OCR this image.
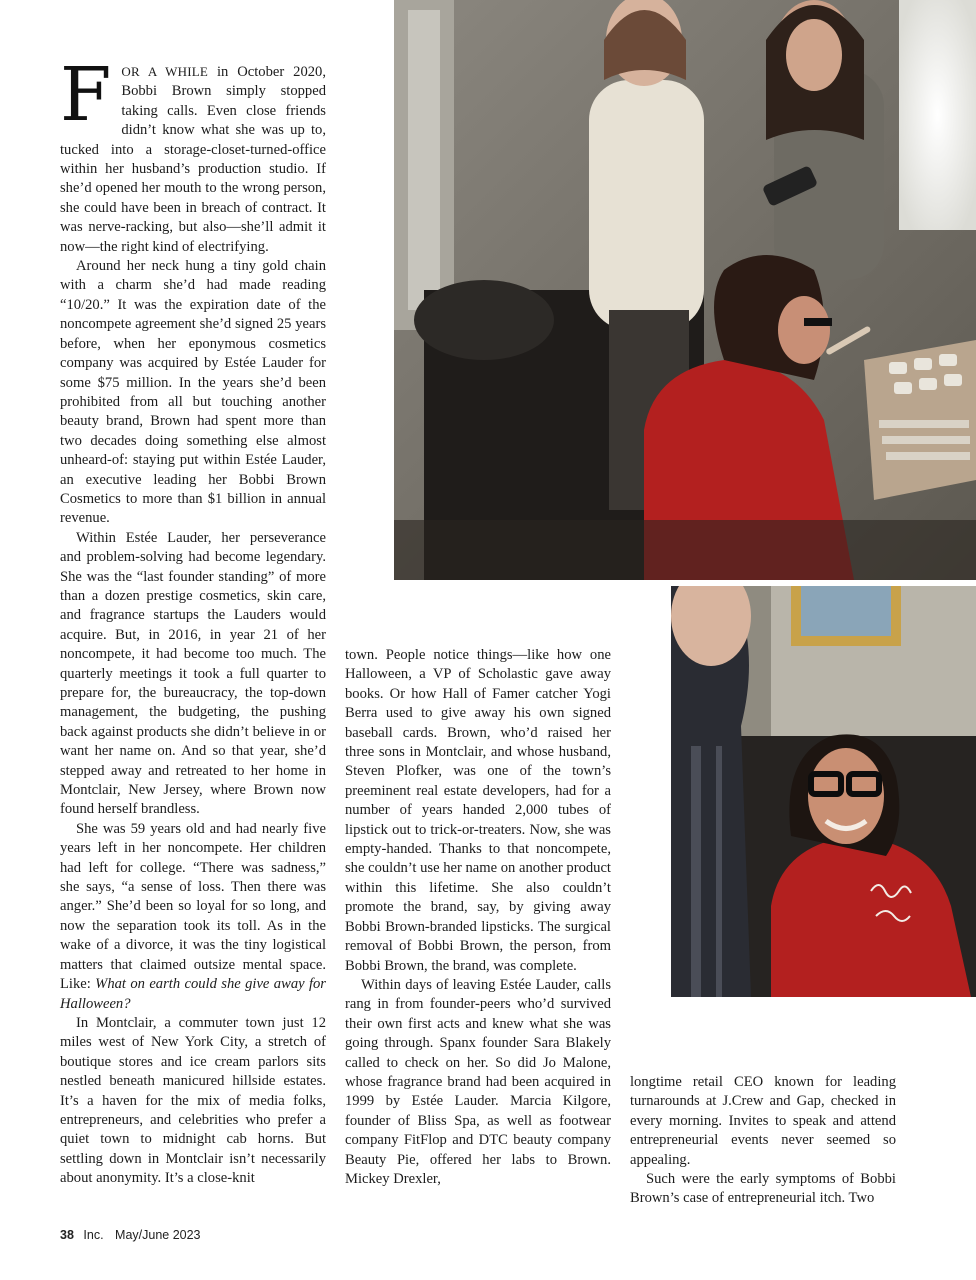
FOR A WHILE in October 2020, Bobbi Brown simply stopped taking calls. Even close friends didn’t know what she was up to, tucked into a storage-closet-turned-office within her husband’s production studio. If she’d opened her mouth to the wrong person, she could have been in breach of contract. It was nerve-racking, but also—she’ll admit it now—the right kind of electrifying.

Around her neck hung a tiny gold chain with a charm she’d had made reading “10/20.” It was the expiration date of the noncompete agreement she’d signed 25 years before, when her eponymous cosmetics company was acquired by Estée Lauder for some $75 million. In the years she’d been prohibited from all but touching another beauty brand, Brown had spent more than two decades doing something else almost unheard-of: staying put within Estée Lauder, an executive leading her Bobbi Brown Cosmetics to more than $1 billion in annual revenue.

Within Estée Lauder, her perseverance and problem-solving had become legendary. She was the “last founder standing” of more than a dozen prestige cosmetics, skin care, and fragrance startups the Lauders would acquire. But, in 2016, in year 21 of her noncompete, it had become too much. The quarterly meetings it took a full quarter to prepare for, the bureaucracy, the top-down management, the budgeting, the pushing back against products she didn’t believe in or want her name on. And so that year, she’d stepped away and retreated to her home in Montclair, New Jersey, where Brown now found herself brandless.

She was 59 years old and had nearly five years left in her noncompete. Her children had left for college. “There was sadness,” she says, “a sense of loss. Then there was anger.” She’d been so loyal for so long, and now the separation took its toll. As in the wake of a divorce, it was the tiny logistical matters that claimed outsize mental space. Like: What on earth could she give away for Halloween?

In Montclair, a commuter town just 12 miles west of New York City, a stretch of boutique stores and ice cream parlors sits nestled beneath manicured hillside estates. It’s a haven for the mix of media folks, entrepreneurs, and celebrities who prefer a quiet town to midnight cab horns. But settling down in Montclair isn’t necessarily about anonymity. It’s a close-knit

town. People notice things—like how one Halloween, a VP of Scholastic gave away books. Or how Hall of Famer catcher Yogi Berra used to give away his own signed baseball cards. Brown, who’d raised her three sons in Montclair, and whose husband, Steven Plofker, was one of the town’s preeminent real estate developers, had for a number of years handed 2,000 tubes of lipstick out to trick-or-treaters. Now, she was empty-handed. Thanks to that noncompete, she couldn’t use her name on another product within this lifetime. She also couldn’t promote the brand, say, by giving away Bobbi Brown-branded lipsticks. The surgical removal of Bobbi Brown, the person, from Bobbi Brown, the brand, was complete.

Within days of leaving Estée Lauder, calls rang in from founder-peers who’d survived their own first acts and knew what she was going through. Spanx founder Sara Blakely called to check on her. So did Jo Malone, whose fragrance brand had been acquired in 1999 by Estée Lauder. Marcia Kilgore, founder of Bliss Spa, as well as footwear company FitFlop and DTC beauty company Beauty Pie, offered her labs to Brown. Mickey Drexler,

longtime retail CEO known for leading turnarounds at J.Crew and Gap, checked in every morning. Invites to speak and attend entrepreneurial events never seemed so appealing.

Such were the early symptoms of Bobbi Brown’s case of entrepreneurial itch. Two

38 Inc. May/June 2023
